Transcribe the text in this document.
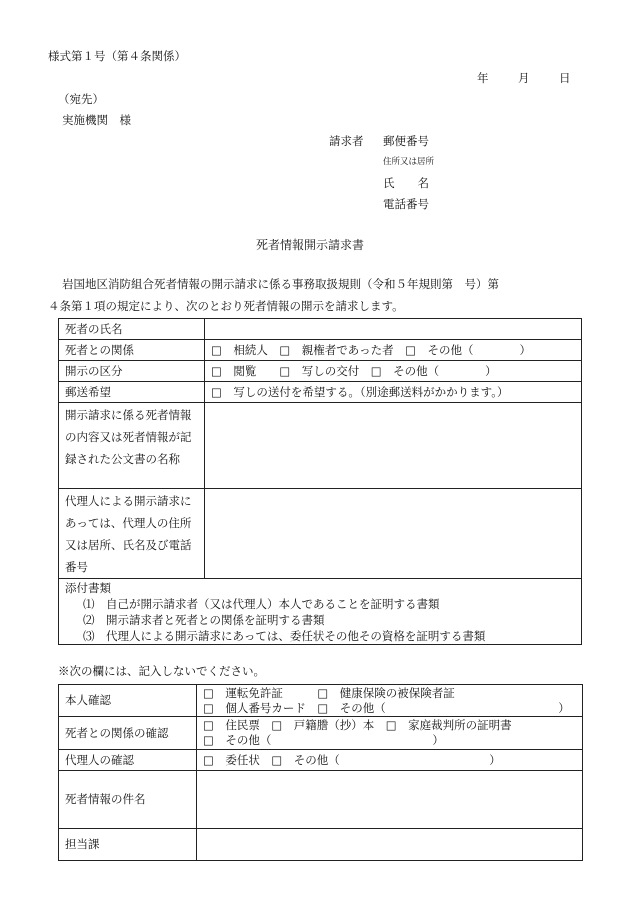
様式第１号（第４条関係）
年	月	日
（宛先）
実施機関　様
請求者 郵便番号
住所又は居所
氏　　名
電話番号
死者情報開示請求書
岩国地区消防組合死者情報の開示請求に係る事務取扱規則（令和５年規則第　号）第
４条第１項の規定により、次のとおり死者情報の開示を請求します。
死者の氏名	
死者との関係	□　相続人　□　親権者であった者　□　その他（　　　　）
開示の区分	□　閲覧　　□　写しの交付　□　その他（　　　　）
郵送希望	□　写しの送付を希望する。（別途郵送料がかかります。）
開示請求に係る死者情報の内容又は死者情報が記録された公文書の名称	
代理人による開示請求にあっては、代理人の住所又は居所、氏名及び電話番号	

添付書類
⑴　自己が開示請求者（又は代理人）本人であることを証明する書類
⑵　開示請求者と死者との関係を証明する書類
⑶　代理人による開示請求にあっては、委任状その他その資格を証明する書類	
※次の欄には、記入しないでください。
本人確認	□　運転免許証　　　□　健康保険の被保険者証
□　個人番号カード　□　その他（　　　　　　　　　　　　　　　）

死者との関係の確認	□　住民票　□　戸籍謄（抄）本　□　家庭裁判所の証明書
□　その他（　　　　　　　　　　　　　　）

代理人の確認	□　委任状　□　その他（　　　　　　　　　　　　　）
死者情報の件名	
担当課	
